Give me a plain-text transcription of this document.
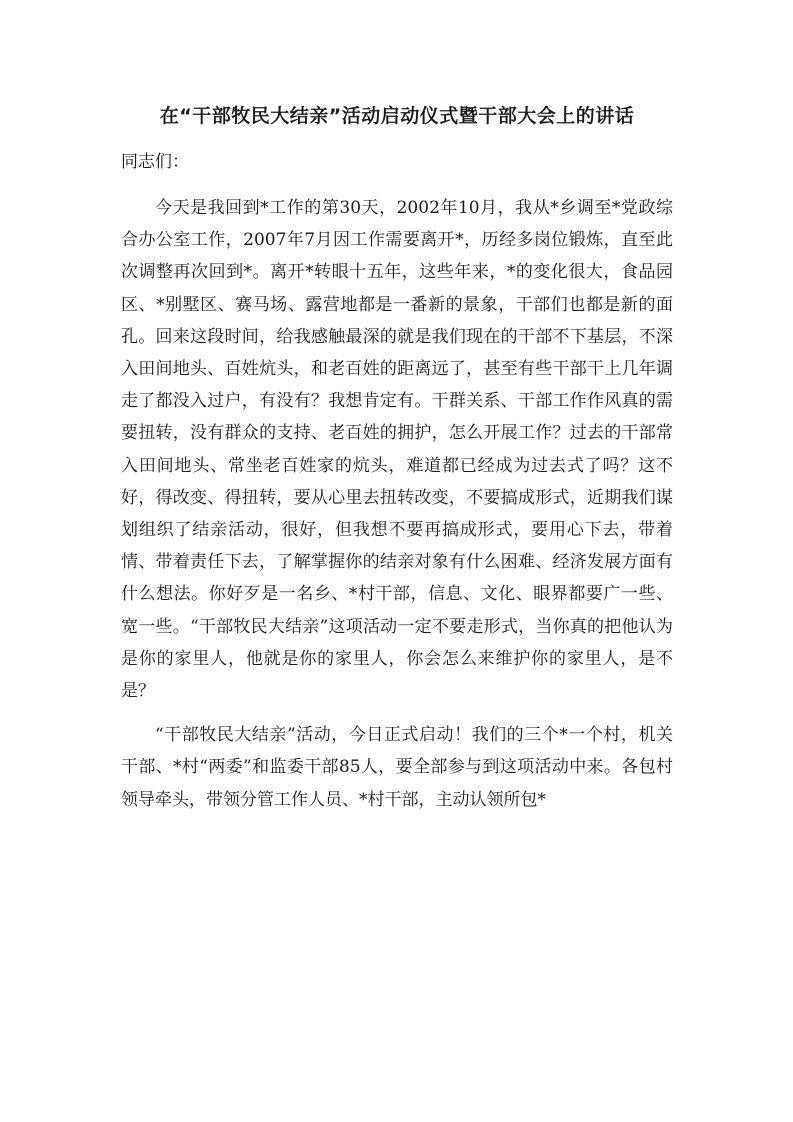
在“干部牧民大结亲”活动启动仪式暨干部大会上的讲话

同志们：

今天是我回到*工作的第30天，2002年10月，我从*乡调至*党政综合办公室工作，2007年7月因工作需要离开*，历经多岗位锻炼，直至此次调整再次回到*。离开*转眼十五年，这些年来，*的变化很大，食品园区、*别墅区、赛马场、露营地都是一番新的景象，干部们也都是新的面孔。回来这段时间，给我感触最深的就是我们现在的干部不下基层，不深入田间地头、百姓炕头，和老百姓的距离远了，甚至有些干部干上几年调走了都没入过户，有没有？我想肯定有。干群关系、干部工作作风真的需要扭转，没有群众的支持、老百姓的拥护，怎么开展工作？过去的干部常入田间地头、常坐老百姓家的炕头，难道都已经成为过去式了吗？这不好，得改变、得扭转，要从心里去扭转改变，不要搞成形式，近期我们谋划组织了结亲活动，很好，但我想不要再搞成形式，要用心下去，带着情、带着责任下去，了解掌握你的结亲对象有什么困难、经济发展方面有什么想法。你好歹是一名乡、*村干部，信息、文化、眼界都要广一些、宽一些。“干部牧民大结亲”这项活动一定不要走形式，当你真的把他认为是你的家里人，他就是你的家里人，你会怎么来维护你的家里人，是不是？

“干部牧民大结亲”活动，今日正式启动！我们的三个*一个村，机关干部、*村“两委”和监委干部85人，要全部参与到这项活动中来。各包村领导牵头，带领分管工作人员、*村干部，主动认领所包*
